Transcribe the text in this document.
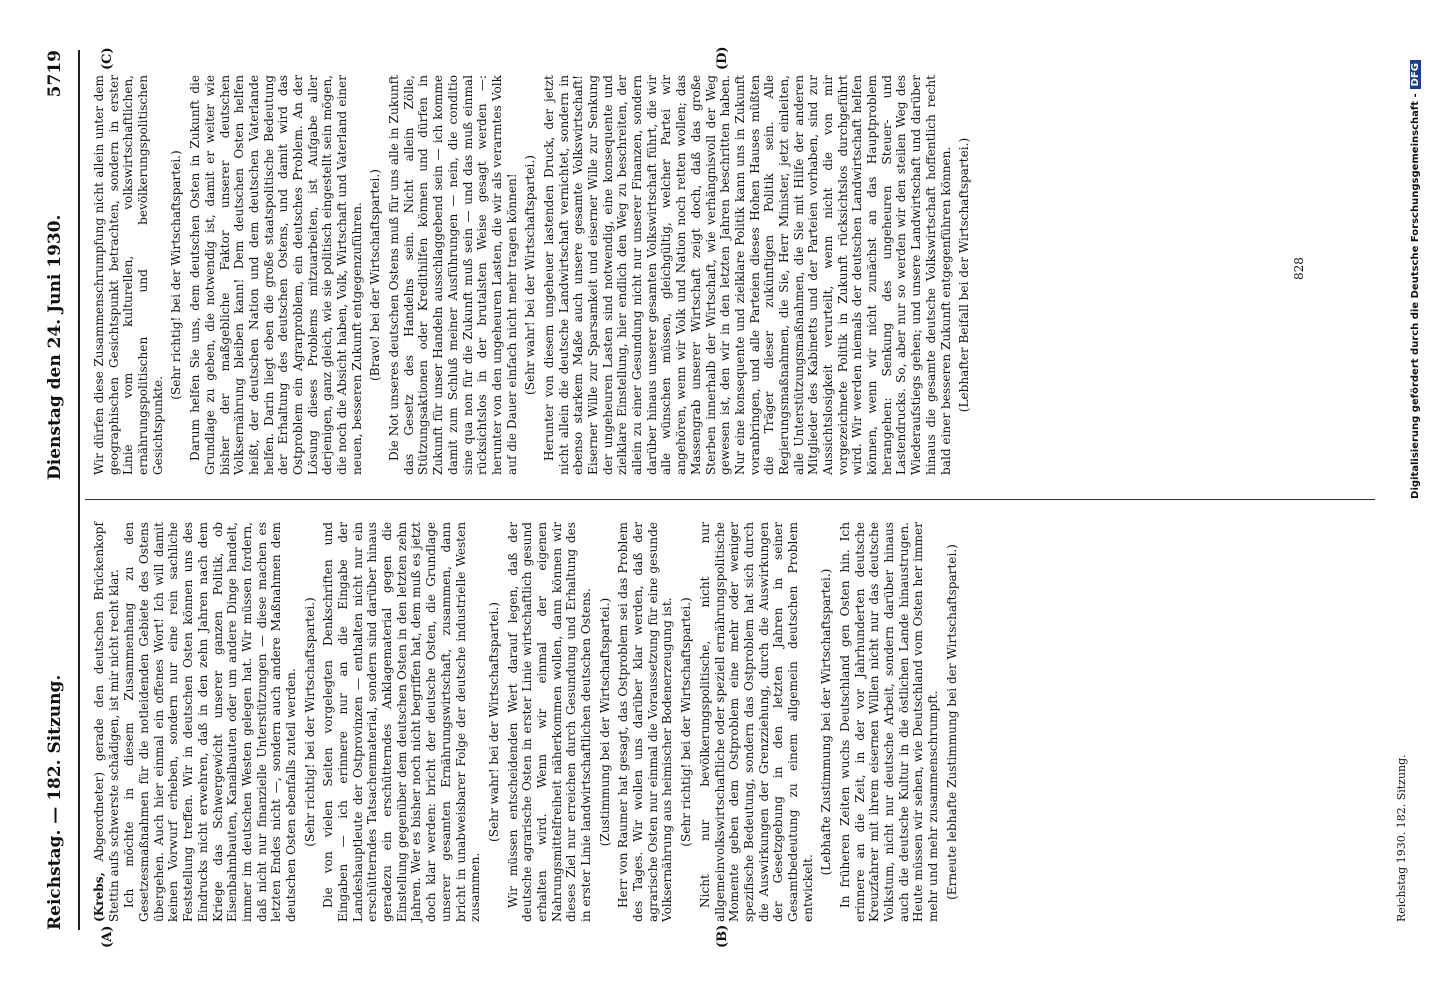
Reichstag. — 182. Sitzung.
Dienstag den 24. Juni 1930.
5719
(A)	(B)
(C)	(D)

(Krebs, Abgeordneter) gerade den deutschen Brückenkopf Stettin aufs schwerste schädigen, ist mir nicht recht klar. Ich möchte in diesem Zusammenhang zu den Gesetzesmaßnahmen für die notleidenden Gebiete des Ostens übergehen. Auch hier einmal ein offenes Wort! Ich will damit keinen Vorwurf erheben, sondern nur eine rein sachliche Feststellung treffen. Wir in deutschen Osten können uns des Eindrucks nicht erwehren, daß in den zehn Jahren nach dem Kriege das Schwergewicht unserer ganzen Politik, ob Eisenbahnbauten, Kanalbauten oder um andere Dinge handelt, immer im deutschen Westen gelegen hat. Wir müssen fordern, daß nicht nur finanzielle Unterstützungen — diese machen es letzten Endes nicht —, sondern auch andere Maßnahmen dem deutschen Osten ebenfalls zuteil werden. (Sehr richtig! bei der Wirtschaftspartei.) Die von vielen Seiten vorgelegten Denkschriften und Eingaben — ich erinnere nur an die Eingabe der Landeshauptleute der Ostprovinzen — enthalten nicht nur ein erschütterndes Tatsachenmaterial, sondern sind darüber hinaus geradezu ein erschütterndes Anklagematerial gegen die Einstellung gegenüber dem deutschen Osten in den letzten zehn Jahren. Wer es bisher noch nicht begriffen hat, dem muß es jetzt doch klar werden: bricht der deutsche Osten, die Grundlage unserer gesamten Ernährungswirtschaft, zusammen, dann bricht in unabweisbarer Folge der deutsche industrielle Westen zusammen.

(Sehr wahr! bei der Wirtschaftspartei.) Wir müssen entscheidenden Wert darauf legen, daß der deutsche agrarische Osten in erster Linie wirtschaftlich gesund erhalten wird. Wenn wir einmal der eigenen Nahrungsmittelfreiheit näherkommen wollen, dann können wir dieses Ziel nur erreichen durch Gesundung und Erhaltung des in erster Linie landwirtschaftlichen deutschen Ostens. (Zustimmung bei der Wirtschaftspartei.) Herr von Raumer hat gesagt, das Ostproblem sei das Problem des Tages. Wir wollen uns darüber klar werden, daß der agrarische Osten nur einmal die Voraussetzung für eine gesunde Volksernährung aus heimischer Bodenerzeugung ist. (Sehr richtig! bei der Wirtschaftspartei.) Nicht nur bevölkerungspolitische, nicht nur allgemeinvolkswirtschaftliche oder speziell ernährungspolitische Momente geben dem Ostproblem eine mehr oder weniger spezifische Bedeutung, sondern das Ostproblem hat sich durch die Auswirkungen der Grenzziehung, durch die Auswirkungen der Gesetzgebung in den letzten Jahren in seiner Gesamtbedeutung zu einem allgemein deutschen Problem entwickelt.

(Lebhafte Zustimmung bei der Wirtschaftspartei.) In früheren Zeiten wuchs Deutschland gen Osten hin. Ich erinnere an die Zeit, in der vor Jahrhunderten deutsche Kreuzfahrer mit ihrem eisernen Willen nicht nur das deutsche Volkstum, nicht nur deutsche Arbeit, sondern darüber hinaus auch die deutsche Kultur in die östlichen Lande hinaustrugen. Heute müssen wir sehen, wie Deutschland vom Osten her immer mehr und mehr zusammenschrumpft. (Erneute lebhafte Zustimmung bei der Wirtschaftspartei.)

Wir dürfen diese Zusammenschrumpfung nicht allein unter dem geographischen Gesichtspunkt betrachten, sondern in erster Linie vom kulturellen, volkswirtschaftlichen, ernährungspolitischen und bevölkerungspolitischen Gesichtspunkte.

(Sehr richtig! bei der Wirtschaftspartei.) Darum helfen Sie uns, dem deutschen Osten in Zukunft die Grundlage zu geben, die notwendig ist, damit er weiter wie bisher der maßgebliche Faktor unserer deutschen Volksernährung bleiben kann! Dem deutschen Osten helfen heißt, der deutschen Nation und dem deutschen Vaterlande helfen. Darin liegt eben die große staatspolitische Bedeutung der Erhaltung des deutschen Ostens, und damit wird das Ostproblem ein Agrarproblem, ein deutsches Problem. An der Lösung dieses Problems mitzuarbeiten, ist Aufgabe aller derjenigen, ganz gleich, wie sie politisch eingestellt sein mögen, die noch die Absicht haben, Volk, Wirtschaft und Vaterland einer neuen, besseren Zukunft entgegenzuführen. (Bravo! bei der Wirtschaftspartei.) Die Not unseres deutschen Ostens muß für uns alle in Zukunft das Gesetz des Handelns sein. Nicht allein Zölle, Stützungsaktionen oder Kredithilfen können und dürfen in Zukunft für unser Handeln ausschlaggebend sein — ich komme damit zum Schluß meiner Ausführungen — nein, die conditio sine qua non für die Zukunft muß sein — und das muß einmal rücksichtslos in der brutalsten Weise gesagt werden —: herunter von den ungeheuren Lasten, die wir als verarmtes Volk auf die Dauer einfach nicht mehr tragen können! (Sehr wahr! bei der Wirtschaftspartei.) Herunter von diesem ungeheuer lastenden Druck, der jetzt nicht allein die deutsche Landwirtschaft vernichtet, sondern in ebenso starkem Maße auch unsere gesamte Volkswirtschaft! Eiserner Wille zur Sparsamkeit und eiserner Wille zur Senkung der ungeheuren Lasten sind notwendig, eine konsequente und zielklare Einstellung, hier endlich den Weg zu beschreiten, der allein zu einer Gesundung nicht nur unserer Finanzen, sondern darüber hinaus unserer gesamten Volkswirtschaft führt, die wir alle wünschen müssen, gleichgültig, welcher Partei wir angehören, wenn wir Volk und Nation noch retten wollen; das Massengrab unserer Wirtschaft zeigt doch, daß das große Sterben innerhalb der Wirtschaft, wie verhängnisvoll der Weg gewesen ist, den wir in den letzten Jahren beschritten haben. Nur eine konsequente und zielklare Politik kann uns in Zukunft voranbringen, und alle Parteien dieses Hohen Hauses müßten die Träger dieser zukünftigen Politik sein. Alle Regierungsmaßnahmen, die Sie, Herr Minister, jetzt einleiten, alle Unterstützungsmaßnahmen, die Sie mit Hilfe der anderen Mitglieder des Kabinetts und der Parteien vorhaben, sind zur Aussichtslosigkeit verurteilt, wenn nicht die von mir vorgezeichnete Politik in Zukunft rücksichtslos durchgeführt wird. Wir werden niemals der deutschen Landwirtschaft helfen können, wenn wir nicht zunächst an das Hauptproblem herangehen: Senkung des ungeheuren Steuer- und Lastendrucks. So, aber nur so werden wir den steilen Weg des Wiederaufstiegs gehen; und unsere Landwirtschaft und darüber hinaus die gesamte deutsche Volkswirtschaft hoffentlich recht bald einer besseren Zukunft entgegenführen können. (Lebhafter Beifall bei der Wirtschaftspartei.)	828
Reichstag 1930. 182. Sitzung.
Digitalisierung gefördert durch die Deutsche Forschungsgemeinschaft -DFG
